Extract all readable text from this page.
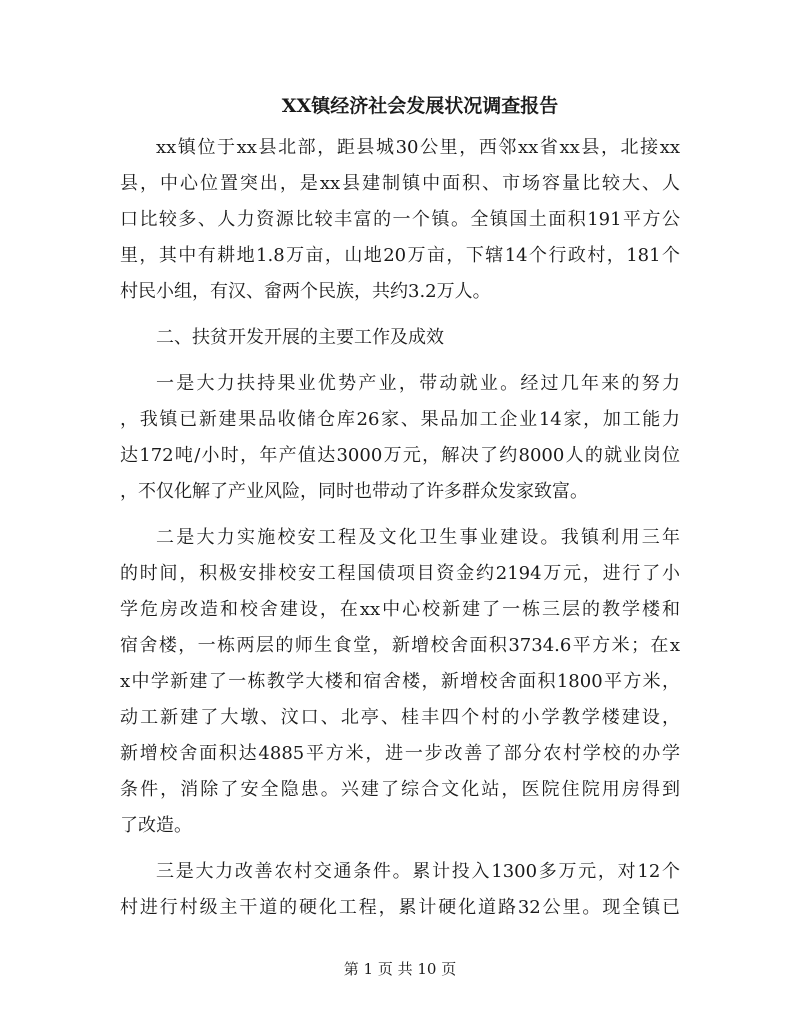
XX镇经济社会发展状况调查报告

xx镇位于xx县北部，距县城30公里，西邻xx省xx县，北接xx
县，中心位置突出，是xx县建制镇中面积、市场容量比较大、人
口比较多、人力资源比较丰富的一个镇。全镇国土面积191平方公
里，其中有耕地1.8万亩，山地20万亩，下辖14个行政村，181个
村民小组，有汉、畲两个民族，共约3.2万人。

二、扶贫开发开展的主要工作及成效

一是大力扶持果业优势产业，带动就业。经过几年来的努力
，我镇已新建果品收储仓库26家、果品加工企业14家，加工能力
达172吨/小时，年产值达3000万元，解决了约8000人的就业岗位
，不仅化解了产业风险，同时也带动了许多群众发家致富。

二是大力实施校安工程及文化卫生事业建设。我镇利用三年
的时间，积极安排校安工程国债项目资金约2194万元，进行了小
学危房改造和校舍建设，在xx中心校新建了一栋三层的教学楼和
宿舍楼，一栋两层的师生食堂，新增校舍面积3734.6平方米；在x
x中学新建了一栋教学大楼和宿舍楼，新增校舍面积1800平方米，
动工新建了大墩、汶口、北亭、桂丰四个村的小学教学楼建设，
新增校舍面积达4885平方米，进一步改善了部分农村学校的办学
条件，消除了安全隐患。兴建了综合文化站，医院住院用房得到
了改造。

三是大力改善农村交通条件。累计投入1300多万元，对12个
村进行村级主干道的硬化工程，累计硬化道路32公里。现全镇已

第 1 页 共 10 页
